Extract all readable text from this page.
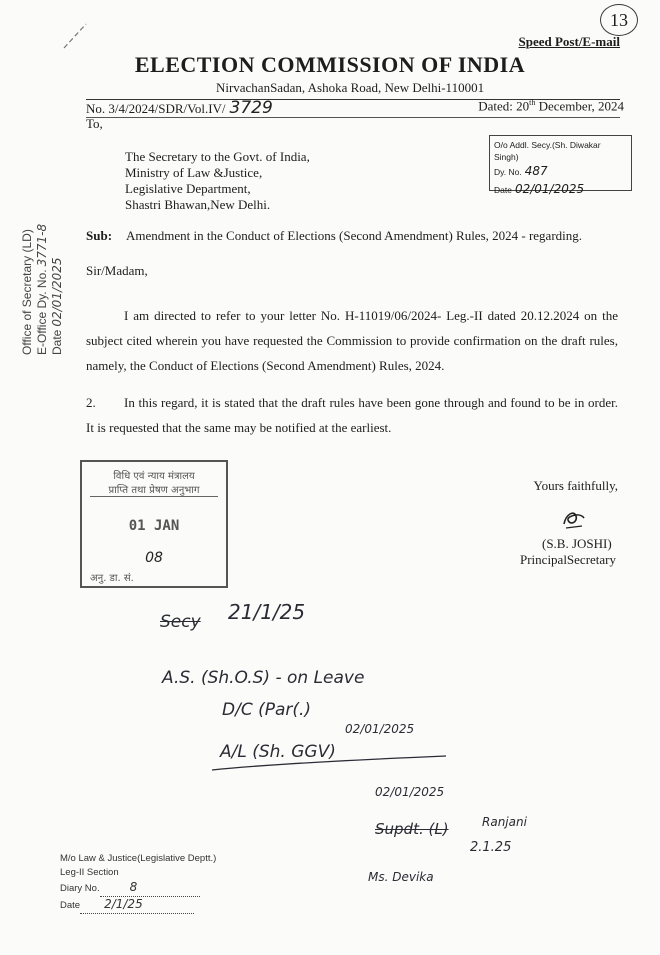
13
Speed Post/E-mail
ELECTION COMMISSION OF INDIA
NirvachanSadan, Ashoka Road, New Delhi-110001
No. 3/4/2024/SDR/Vol.IV/ 3729	Dated: 20th December, 2024
To,
The Secretary to the Govt. of India,
Ministry of Law &Justice,
Legislative Department,
Shastri Bhawan,New Delhi.
O/o Addl. Secy.(Sh. Diwakar Singh)
Dy. No. 487
Date 02/01/2025
Office of Secretary (LD) E-Office Dy. No.3771-8
Date02/01/2025
Sub: Amendment in the Conduct of Elections (Second Amendment) Rules, 2024 - regarding.
Sir/Madam,
I am directed to refer to your letter No. H-11019/06/2024- Leg.-II dated 20.12.2024 on the subject cited wherein you have requested the Commission to provide confirmation on the draft rules, namely, the Conduct of Elections (Second Amendment) Rules, 2024.
2. In this regard, it is stated that the draft rules have been gone through and found to be in order. It is requested that the same may be notified at the earliest.
Yours faithfully,
(S.B. JOSHI)
PrincipalSecretary
विधि एवं न्याय मंत्रालय
प्राप्ति तथा प्रेषण अनुभाग
01 JAN
08
अनु. डा. सं.
Secy 21/1/25
A.S. (Sh.O.S) - on Leave
D/C (Par(.)
02/01/2025
A/L (Sh. GGV)
02/01/2025
Supdt. (L)	Ranjani
2.1.25
Ms. Devika
M/o Law & Justice(Legislative Deptt.)
Leg-II Section
Diary No.	8
Date 2/1/25
